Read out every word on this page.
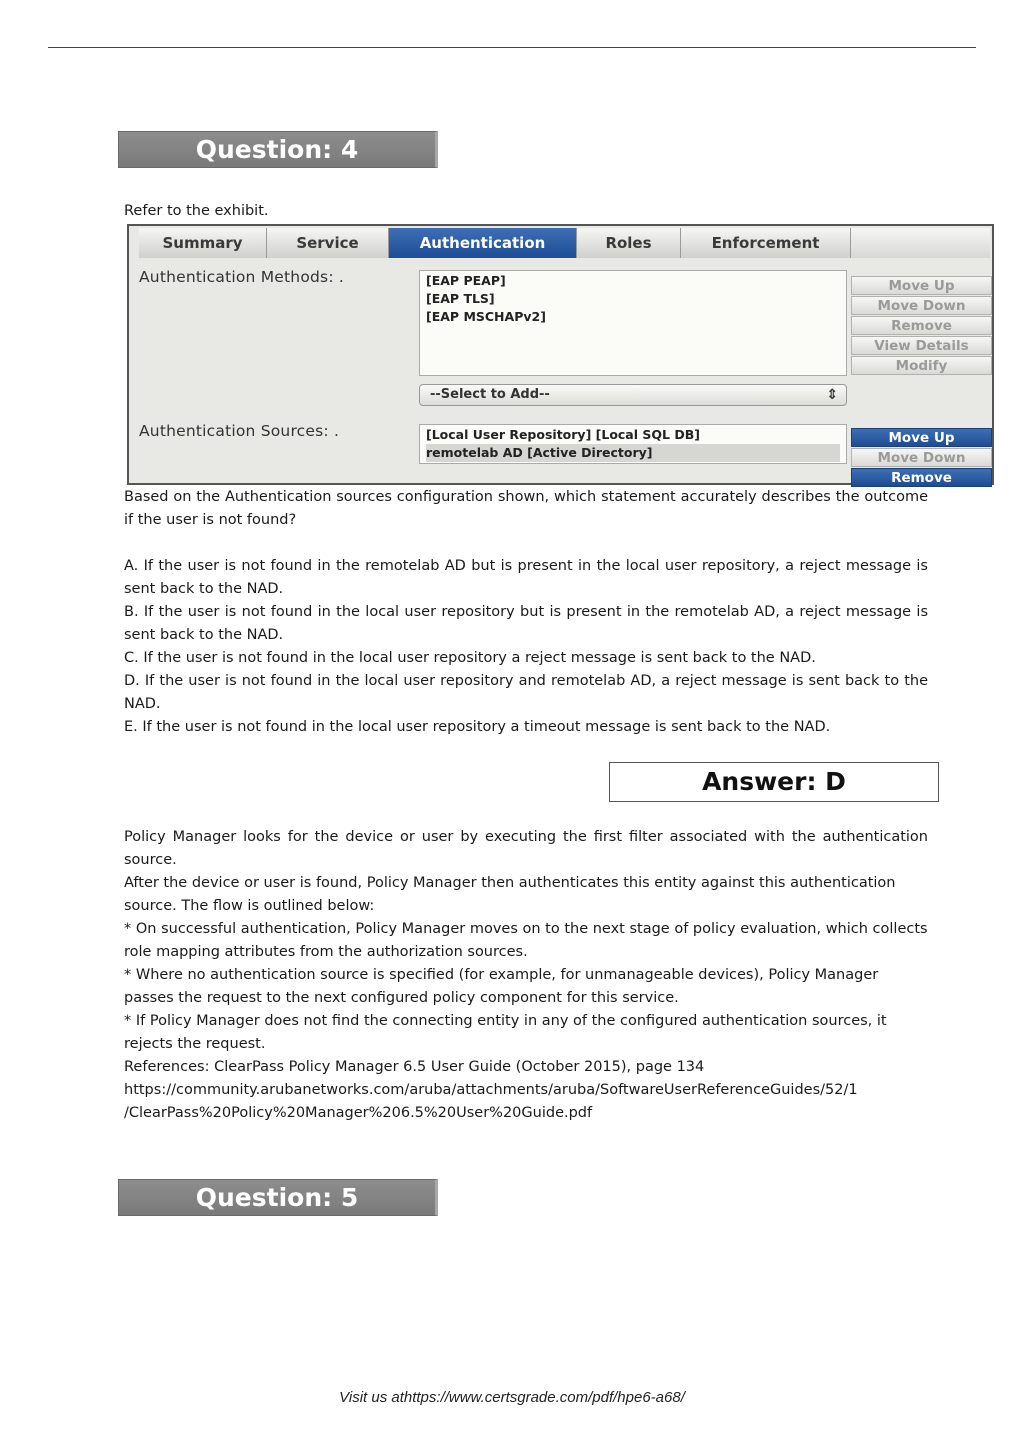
Question: 4
Refer to the exhibit.
Summary	Service	Authentication	Roles	Enforcement
Authentication Methods: .	[EAP PEAP]
[EAP TLS]
[EAP MSCHAPv2]
Move Up
Move Down
Remove
View Details
Modify
--Select to Add--	⇕
Authentication Sources: .	[Local User Repository] [Local SQL DB]
remotelab AD [Active Directory]
Move Up
Move Down
Remove

Based on the Authentication sources configuration shown, which statement accurately describes the outcome if the user is not found?

A. If the user is not found in the remotelab AD but is present in the local user repository, a reject message is sent back to the NAD.

B. If the user is not found in the local user repository but is present in the remotelab AD, a reject message is sent back to the NAD.

C. If the user is not found in the local user repository a reject message is sent back to the NAD.

D. If the user is not found in the local user repository and remotelab AD, a reject message is sent back to the NAD.

E. If the user is not found in the local user repository a timeout message is sent back to the NAD.

Answer: D

Policy Manager looks for the device or user by executing the first filter associated with the authentication source.

After the device or user is found, Policy Manager then authenticates this entity against this authentication

source. The flow is outlined below:

* On successful authentication, Policy Manager moves on to the next stage of policy evaluation, which collects role mapping attributes from the authorization sources.

* Where no authentication source is specified (for example, for unmanageable devices), Policy Manager passes the request to the next configured policy component for this service.

* If Policy Manager does not find the connecting entity in any of the configured authentication sources, it rejects the request.

References: ClearPass Policy Manager 6.5 User Guide (October 2015), page 134

https://community.arubanetworks.com/aruba/attachments/aruba/SoftwareUserReferenceGuides/52/1

/ClearPass%20Policy%20Manager%206.5%20User%20Guide.pdf

Question: 5
Visit us athttps://www.certsgrade.com/pdf/hpe6-a68/
